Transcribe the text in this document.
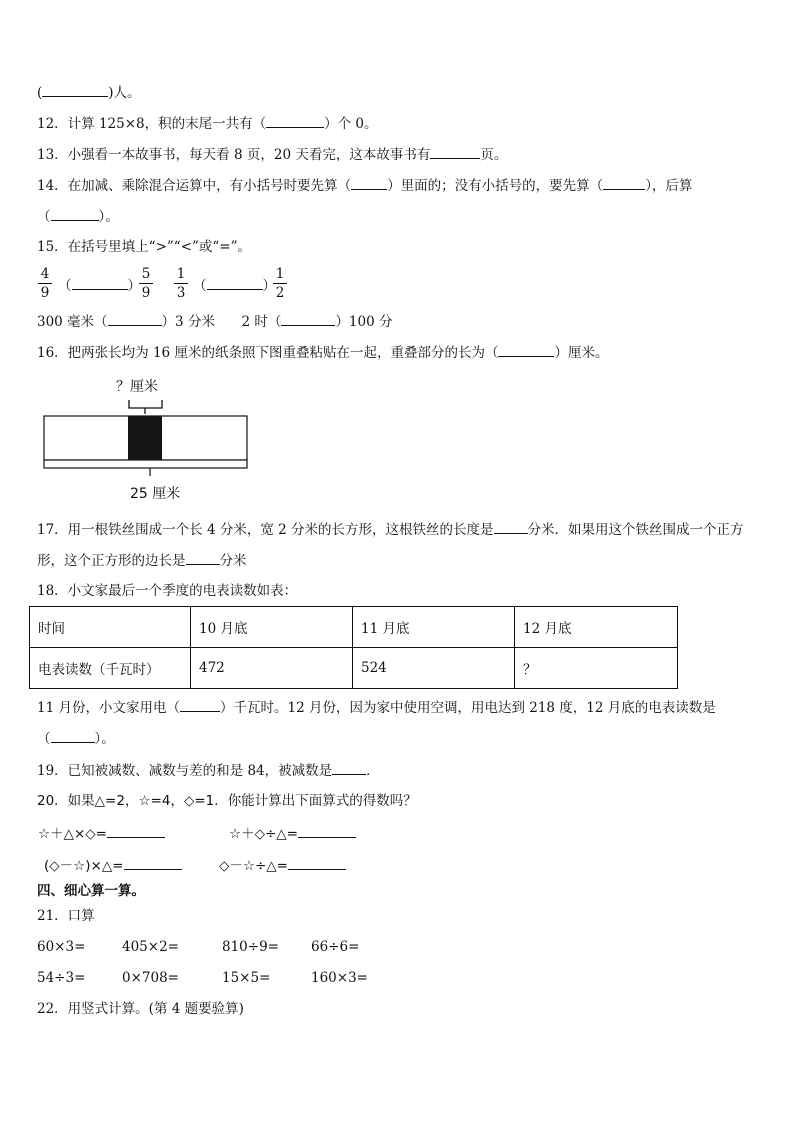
(	)人。
12．计算 125×8，积的末尾一共有（	）个 0。
13．小强看一本故事书，每天看 8 页，20 天看完，这本故事书有	页。
14．在加减、乘除混合运算中，有小括号时要先算（	）里面的；没有小括号的，要先算（	），后算
（	）。
15．在括号里填上“>”“<”或“=”。
4
9 （	）
5
9
1
3 （	）
1
2
300 毫米（	）3 分米 2 时（	）100 分
16．把两张长均为 16 厘米的纸条照下图重叠粘贴在一起，重叠部分的长为（	）厘米。
？厘米
25 厘米
17．用一根铁丝围成一个长 4 分米，宽 2 分米的长方形，这根铁丝的长度是	分米．如果用这个铁丝围成一个正方
形，这个正方形的边长是	分米
18．小文家最后一个季度的电表读数如表：
时间	10 月底	11 月底	12 月底
电表读数（千瓦时）	472	524	？
11 月份，小文家用电（	）千瓦时。12 月份，因为家中使用空调，用电达到 218 度，12 月底的电表读数是
（	）。
19．已知被减数、减数与差的和是 84，被减数是	．
20．如果△=2，☆=4，◇=1．你能计算出下面算式的得数吗？
☆＋△×◇=	☆＋◇÷△=
(◇－☆)×△=	◇－☆÷△=
四、细心算一算。
21．口算
60×3=	405×2=	810÷9= 66÷6=
54÷3=	0×708=	15×5=	160×3=
22．用竖式计算。(第 4 题要验算)
